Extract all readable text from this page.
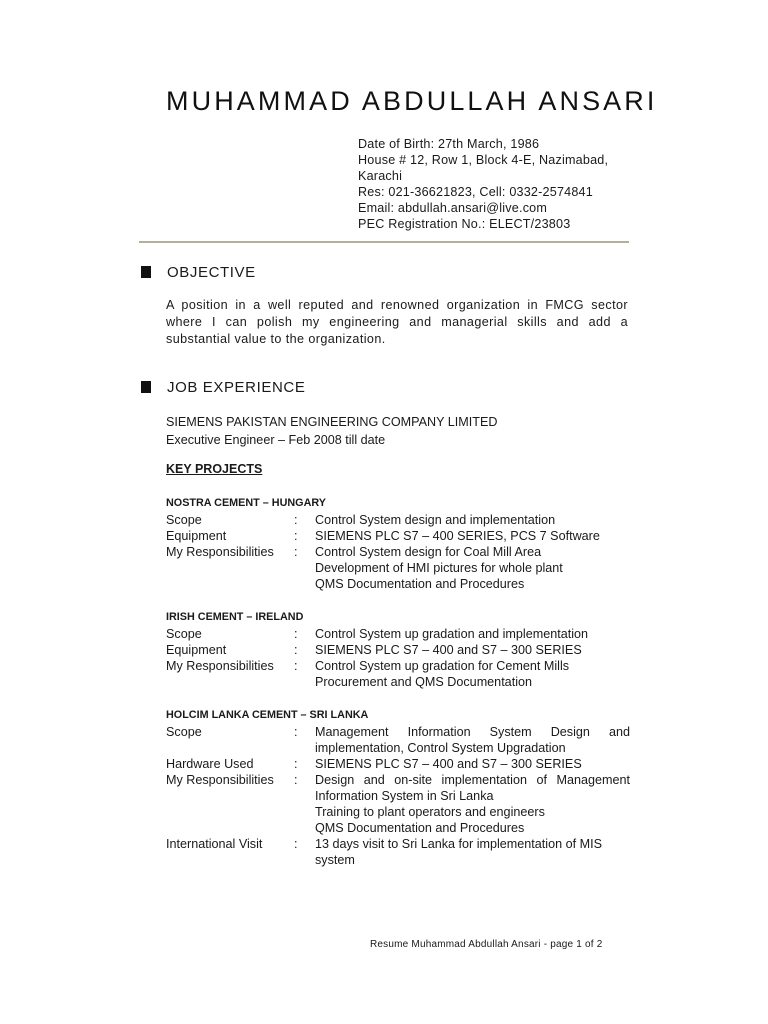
MUHAMMAD ABDULLAH ANSARI
Date of Birth: 27th March, 1986
House # 12, Row 1, Block 4-E, Nazimabad,
Karachi
Res: 021-36621823, Cell: 0332-2574841
Email: abdullah.ansari@live.com
PEC Registration No.: ELECT/23803
OBJECTIVE
A position in a well reputed and renowned organization in FMCG sector where I can polish my engineering and managerial skills and add a substantial value to the organization.
JOB EXPERIENCE
SIEMENS PAKISTAN ENGINEERING COMPANY LIMITED
Executive Engineer – Feb 2008 till date
KEY PROJECTS
NOSTRA CEMENT – HUNGARY
Scope	:	Control System design and implementation
Equipment	:	SIEMENS PLC S7 – 400 SERIES, PCS 7 Software
My Responsibilities	:	Control System design for Coal Mill Area
Development of HMI pictures for whole plant
QMS Documentation and Procedures
IRISH CEMENT – IRELAND
Scope	:	Control System up gradation and implementation
Equipment	:	SIEMENS PLC S7 – 400 and S7 – 300 SERIES
My Responsibilities	:	Control System up gradation for Cement Mills
Procurement and QMS Documentation
HOLCIM LANKA CEMENT – SRI LANKA
Scope	:	Management Information System Design and implementation, Control System Upgradation
Hardware Used	:	SIEMENS PLC S7 – 400 and S7 – 300 SERIES
My Responsibilities	:	Design and on-site implementation of Management Information System in Sri Lanka
Training to plant operators and engineers
QMS Documentation and Procedures
International Visit	:	13 days visit to Sri Lanka for implementation of MIS system
Resume Muhammad Abdullah Ansari - page 1 of 2
